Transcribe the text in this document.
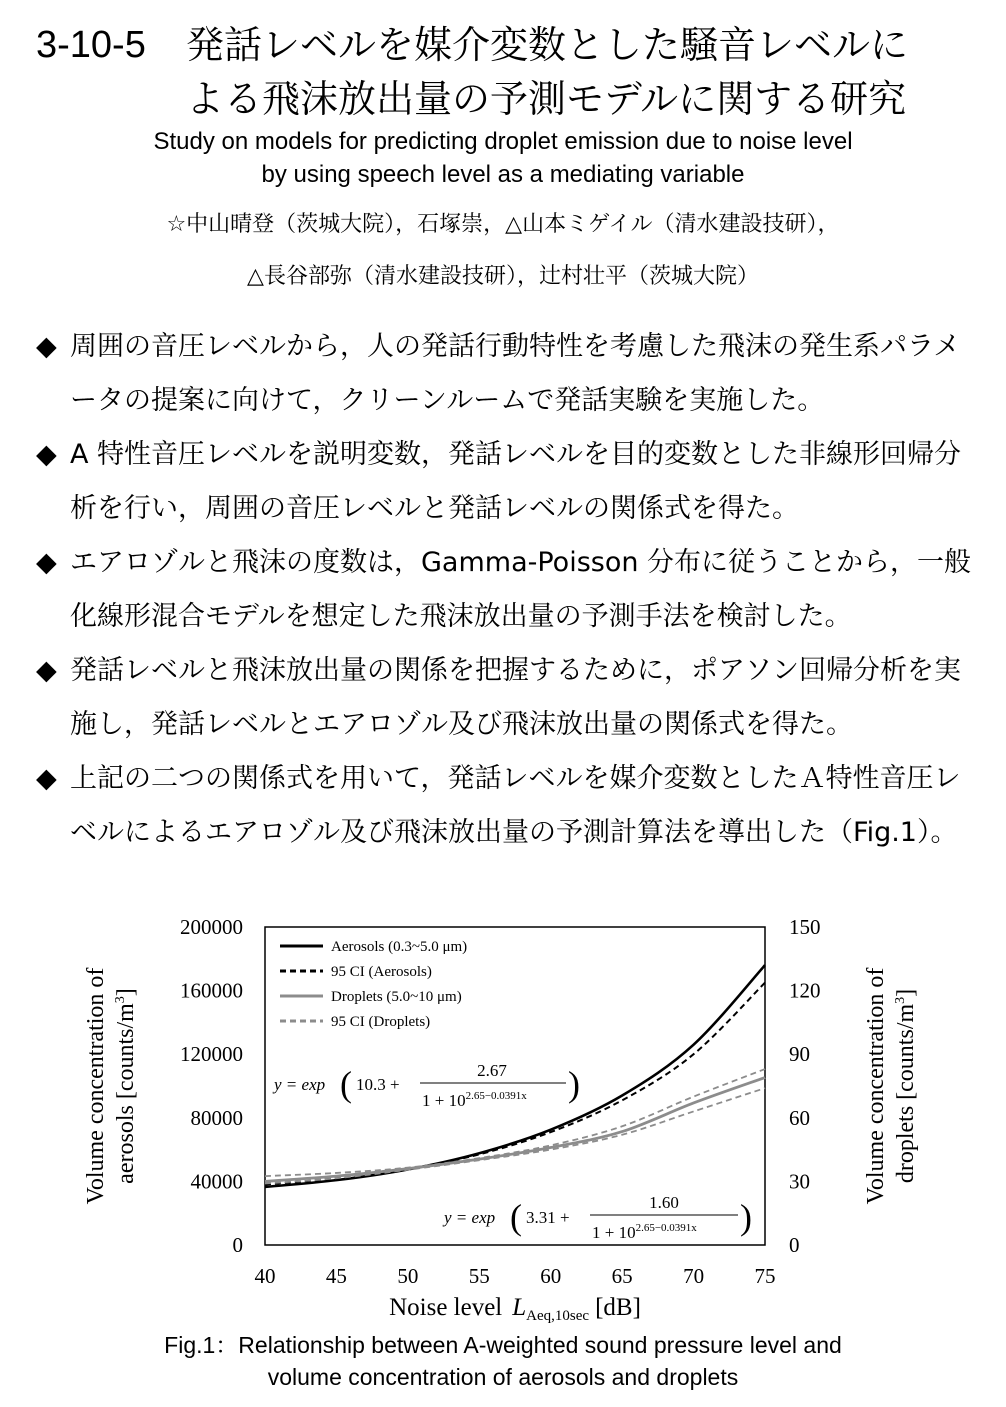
3-10-5 発話レベルを媒介変数とした騒音レベルに
よる飛沫放出量の予測モデルに関する研究
Study on models for predicting droplet emission due to noise level
by using speech level as a mediating variable
☆中山晴登（茨城大院），石塚崇，△山本ミゲイル（清水建設技研），
△長谷部弥（清水建設技研），辻村壮平（茨城大院）
◆ 周囲の音圧レベルから，人の発話行動特性を考慮した飛沫の発生系パラメータの提案に向けて，クリーンルームで発話実験を実施した。
◆ A 特性音圧レベルを説明変数，発話レベルを目的変数とした非線形回帰分析を行い，周囲の音圧レベルと発話レベルの関係式を得た。
◆ エアロゾルと飛沫の度数は，Gamma-Poisson 分布に従うことから，一般化線形混合モデルを想定した飛沫放出量の予測手法を検討した。
◆ 発話レベルと飛沫放出量の関係を把握するために，ポアソン回帰分析を実施し，発話レベルとエアロゾル及び飛沫放出量の関係式を得た。
◆ 上記の二つの関係式を用いて，発話レベルを媒介変数としたＡ特性音圧レベルによるエアロゾル及び飛沫放出量の予測計算法を導出した（Fig.1）。
40 45 50 55 60 65 70 75
0
40000
80000
120000
160000
200000
0
30
60
90
120
150
Noise level $L_{Aeq,10sec}$ [dB]
Volume concentration of aerosols $[counts/m^3]$	Volume concentration of droplets $[counts/m^3]$
Aerosols (0.3~5.0 μm)
95 CI (Aerosols)
Droplets (5.0~10 μm)
95 CI (Droplets)
y = exp ( 10.3 +
2.67
$1 + 10^{2.65-0.0391x}$ )
y = exp ( 3.31 +
1.60
$1 + 10^{2.65-0.0391x}$ )
Fig.1：Relationship between A-weighted sound pressure level and
volume concentration of aerosols and droplets
